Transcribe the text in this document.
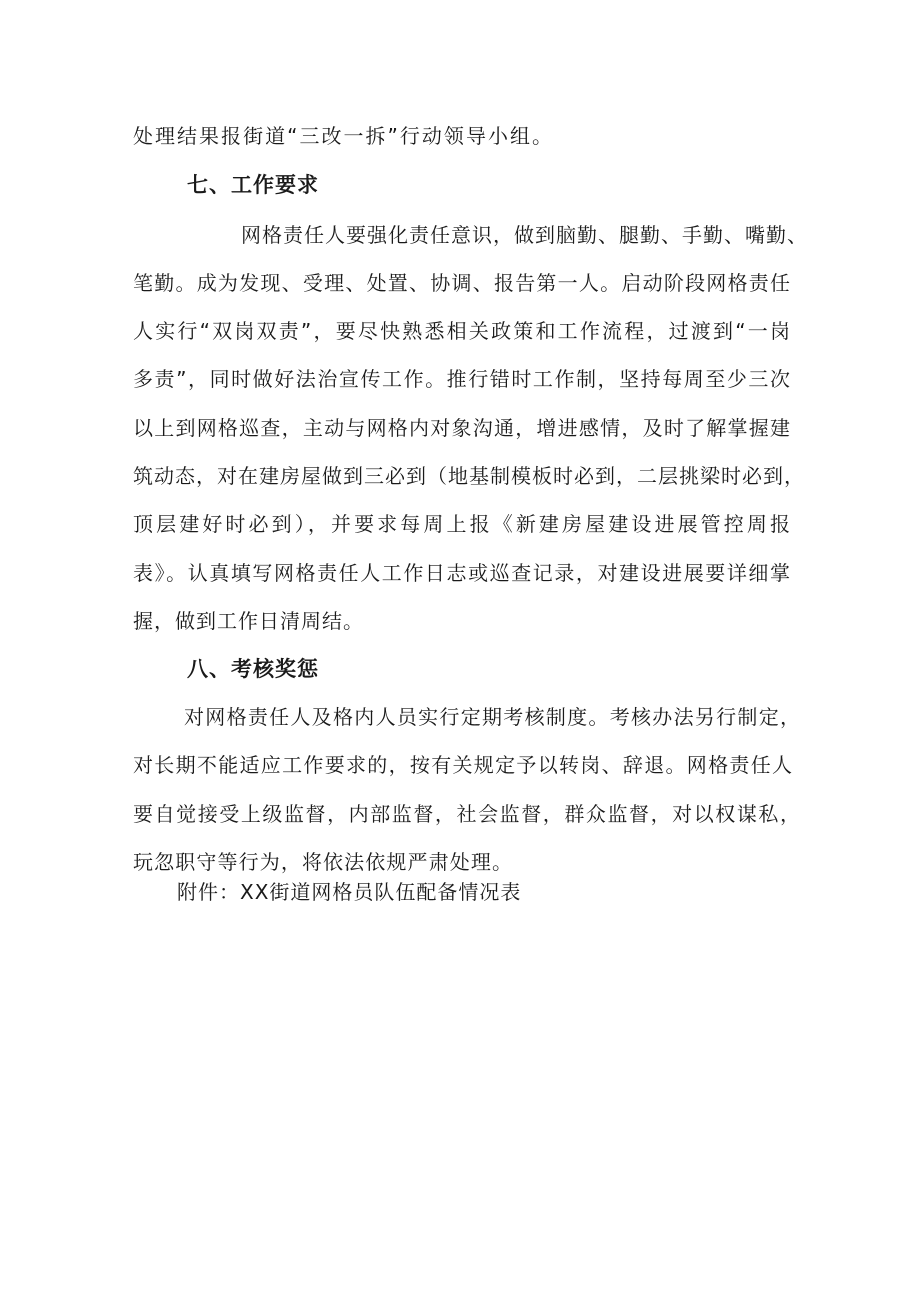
处理结果报街道“三改一拆”行动领导小组。
七、工作要求
网格责任人要强化责任意识，做到脑勤、腿勤、手勤、嘴勤、
笔勤。成为发现、受理、处置、协调、报告第一人。启动阶段网格责任
人实行“双岗双责”，要尽快熟悉相关政策和工作流程，过渡到“一岗
多责”，同时做好法治宣传工作。推行错时工作制，坚持每周至少三次
以上到网格巡查，主动与网格内对象沟通，增进感情，及时了解掌握建
筑动态，对在建房屋做到三必到（地基制模板时必到，二层挑梁时必到，
顶层建好时必到），并要求每周上报《新建房屋建设进展管控周报
表》。认真填写网格责任人工作日志或巡查记录，对建设进展要详细掌
握，做到工作日清周结。
八、考核奖惩
对网格责任人及格内人员实行定期考核制度。考核办法另行制定，
对长期不能适应工作要求的，按有关规定予以转岗、辞退。网格责任人
要自觉接受上级监督，内部监督，社会监督，群众监督，对以权谋私，
玩忽职守等行为，将依法依规严肃处理。
附件：XX街道网格员队伍配备情况表
